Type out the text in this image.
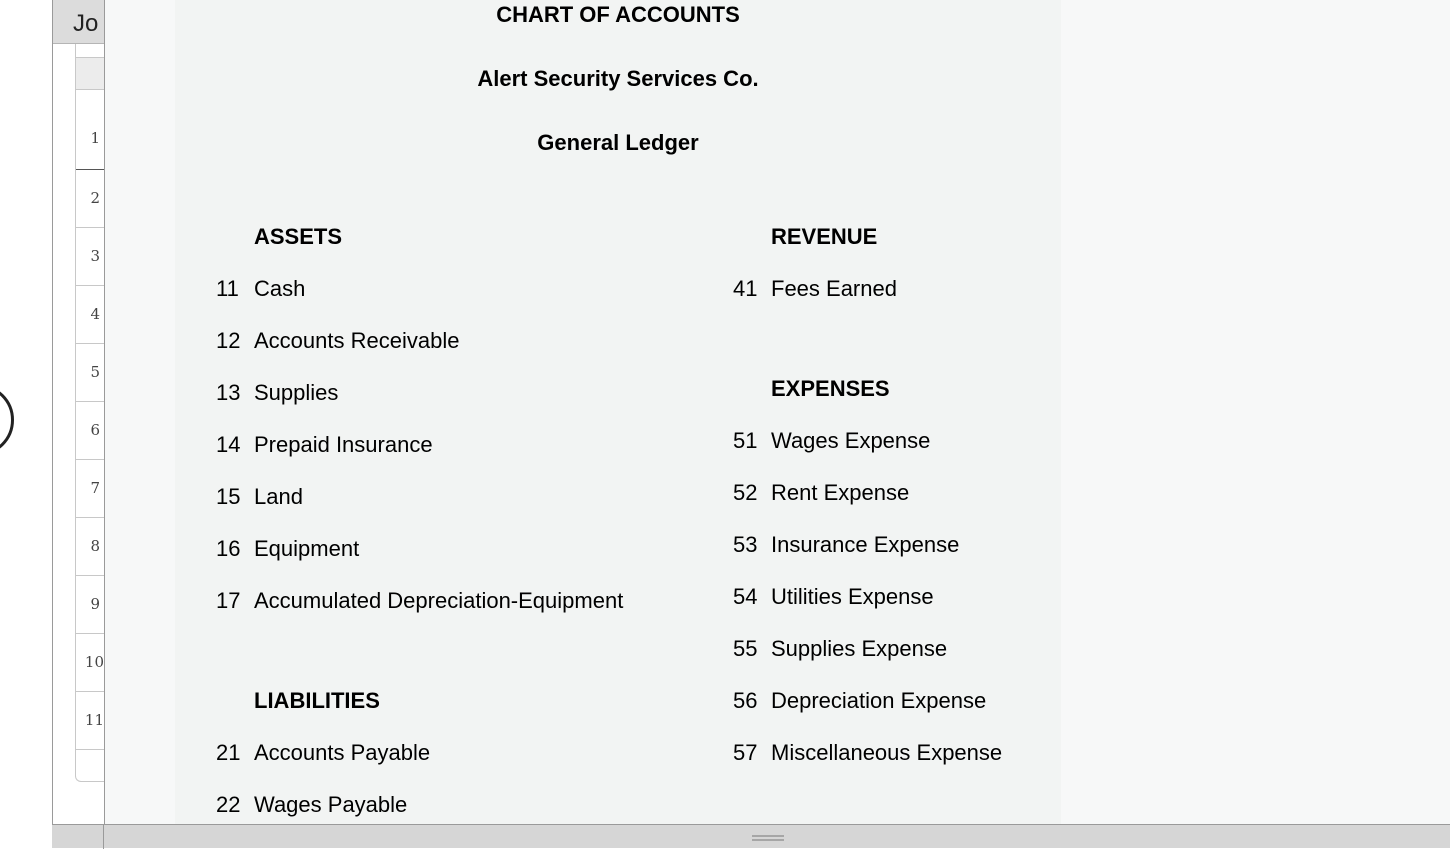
Jo
1
2
3
4
5
6
7
8
9
10
11
CHART OF ACCOUNTS
Alert Security Services Co.
General Ledger
ASSETS
11 Cash
12 Accounts Receivable
13 Supplies
14 Prepaid Insurance
15 Land
16 Equipment
17 Accumulated Depreciation-Equipment
LIABILITIES
21 Accounts Payable
22 Wages Payable
REVENUE
41 Fees Earned
EXPENSES
51 Wages Expense
52 Rent Expense
53 Insurance Expense
54 Utilities Expense
55 Supplies Expense
56 Depreciation Expense
57 Miscellaneous Expense
